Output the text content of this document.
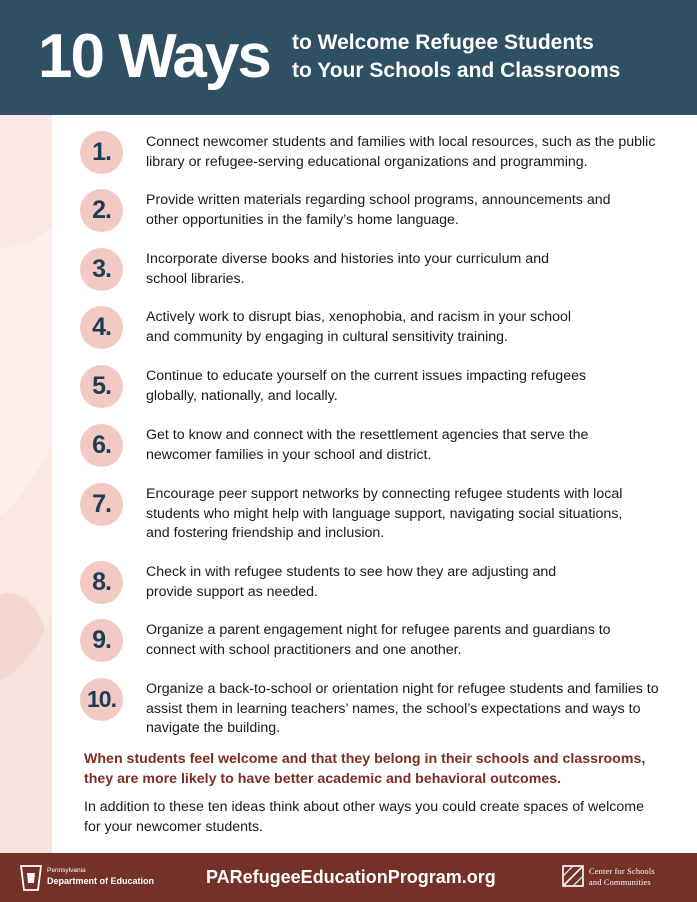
10 Ways to Welcome Refugee Students
to Your Schools and Classrooms
1.	Connect newcomer students and families with local resources, such as the public library or refugee-serving educational organizations and programming.
2.	Provide written materials regarding school programs, announcements and other opportunities in the family’s home language.
3.	Incorporate diverse books and histories into your curriculum and school libraries.
4.	Actively work to disrupt bias, xenophobia, and racism in your school and community by engaging in cultural sensitivity training.
5.	Continue to educate yourself on the current issues impacting refugees globally, nationally, and locally.
6.	Get to know and connect with the resettlement agencies that serve the newcomer families in your school and district.
7.	Encourage peer support networks by connecting refugee students with local students who might help with language support, navigating social situations, and fostering friendship and inclusion.
8.	Check in with refugee students to see how they are adjusting and provide support as needed.
9.	Organize a parent engagement night for refugee parents and guardians to connect with school practitioners and one another.
10.	Organize a back-to-school or orientation night for refugee students and families to assist them in learning teachers’ names, the school’s expectations and ways to navigate the building.
When students feel welcome and that they belong in their schools and classrooms, they are more likely to have better academic and behavioral outcomes.
In addition to these ten ideas think about other ways you could create spaces of welcome for your newcomer students.
Pennsylvania
Department of Education	PARefugeeEducationProgram.org	Center for Schools
and Communities
